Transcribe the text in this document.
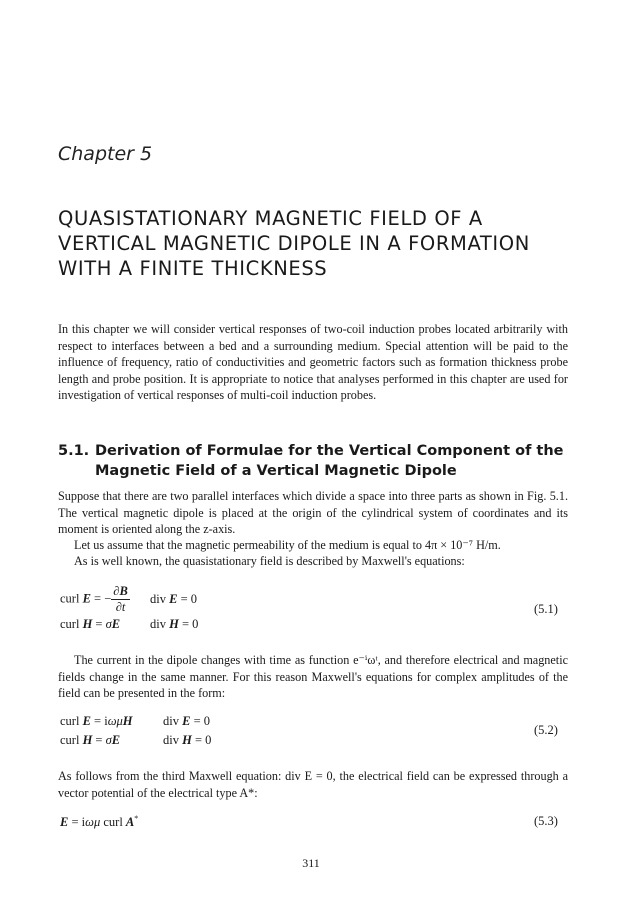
Chapter 5
QUASISTATIONARY MAGNETIC FIELD OF A
VERTICAL MAGNETIC DIPOLE IN A FORMATION
WITH A FINITE THICKNESS

In this chapter we will consider vertical responses of two-coil induction probes located arbitrarily with respect to interfaces between a bed and a surrounding medium. Special attention will be paid to the influence of frequency, ratio of conductivities and geometric factors such as formation thickness probe length and probe position. It is appropriate to notice that analyses performed in this chapter are used for investigation of vertical responses of multi-coil induction probes.

5.1. Derivation of Formulae for the Vertical Component of the
Magnetic Field of a Vertical Magnetic Dipole

Suppose that there are two parallel interfaces which divide a space into three parts as shown in Fig. 5.1. The vertical magnetic dipole is placed at the origin of the cylindrical system of coordinates and its moment is oriented along the z-axis.

Let us assume that the magnetic permeability of the medium is equal to 4π × 10⁻⁷ H/m.

As is well known, the quasistationary field is described by Maxwell's equations:

curl E = − $\frac{\partial B}{\partial t}$ div E = 0
curl H = σE div H = 0
(5.1)

The current in the dipole changes with time as function e⁻ⁱωᵗ, and therefore electrical and magnetic fields change in the same manner. For this reason Maxwell's equations for complex amplitudes of the field can be presented in the form:

curl E = iωμH div E = 0
curl H = σE	div H = 0
(5.2)

As follows from the third Maxwell equation: div E = 0, the electrical field can be expressed through a vector potential of the electrical type A*:

E = iωμ curl A*	(5.3)
311
